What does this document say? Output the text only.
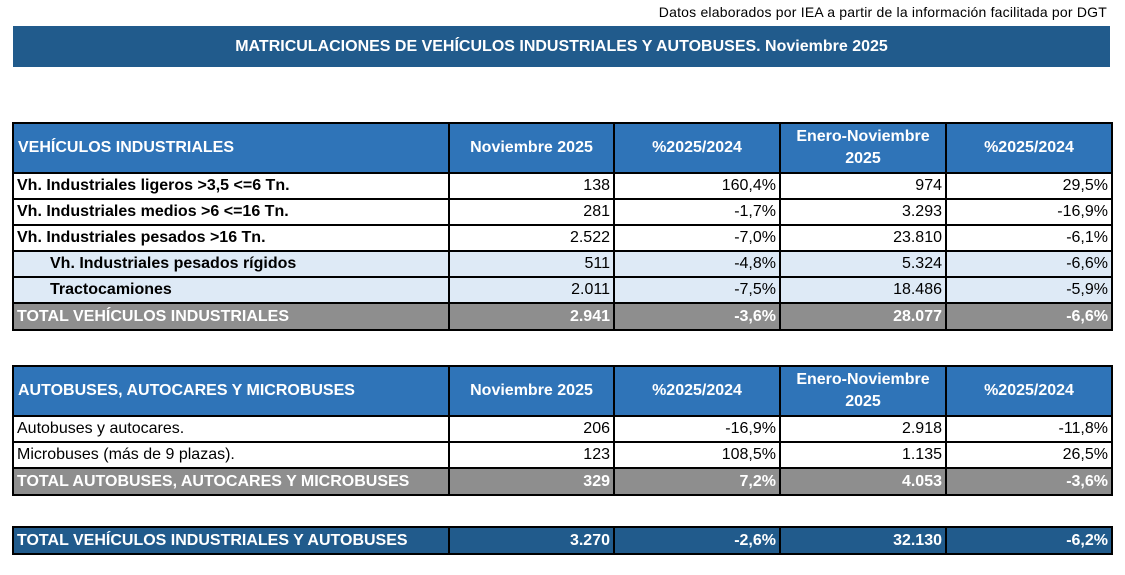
Datos elaborados por IEA a partir de la información facilitada por DGT
MATRICULACIONES DE VEHÍCULOS INDUSTRIALES Y AUTOBUSES. Noviembre 2025
VEHÍCULOS INDUSTRIALES	Noviembre 2025	%2025/2024	Enero-Noviembre 2025	%2025/2024
Vh. Industriales ligeros >3,5 <=6 Tn.	138	160,4%	974	29,5%
Vh. Industriales medios >6 <=16 Tn.	281	-1,7%	3.293	-16,9%
Vh. Industriales pesados >16 Tn.	2.522	-7,0%	23.810	-6,1%
Vh. Industriales pesados rígidos	511	-4,8%	5.324	-6,6%
Tractocamiones	2.011	-7,5%	18.486	-5,9%
TOTAL VEHÍCULOS INDUSTRIALES	2.941	-3,6%	28.077	-6,6%
AUTOBUSES, AUTOCARES Y MICROBUSES	Noviembre 2025	%2025/2024	Enero-Noviembre 2025	%2025/2024
Autobuses y autocares.	206	-16,9%	2.918	-11,8%
Microbuses (más de 9 plazas).	123	108,5%	1.135	26,5%
TOTAL AUTOBUSES, AUTOCARES Y MICROBUSES	329	7,2%	4.053	-3,6%
TOTAL VEHÍCULOS INDUSTRIALES Y AUTOBUSES	3.270	-2,6%	32.130	-6,2%
